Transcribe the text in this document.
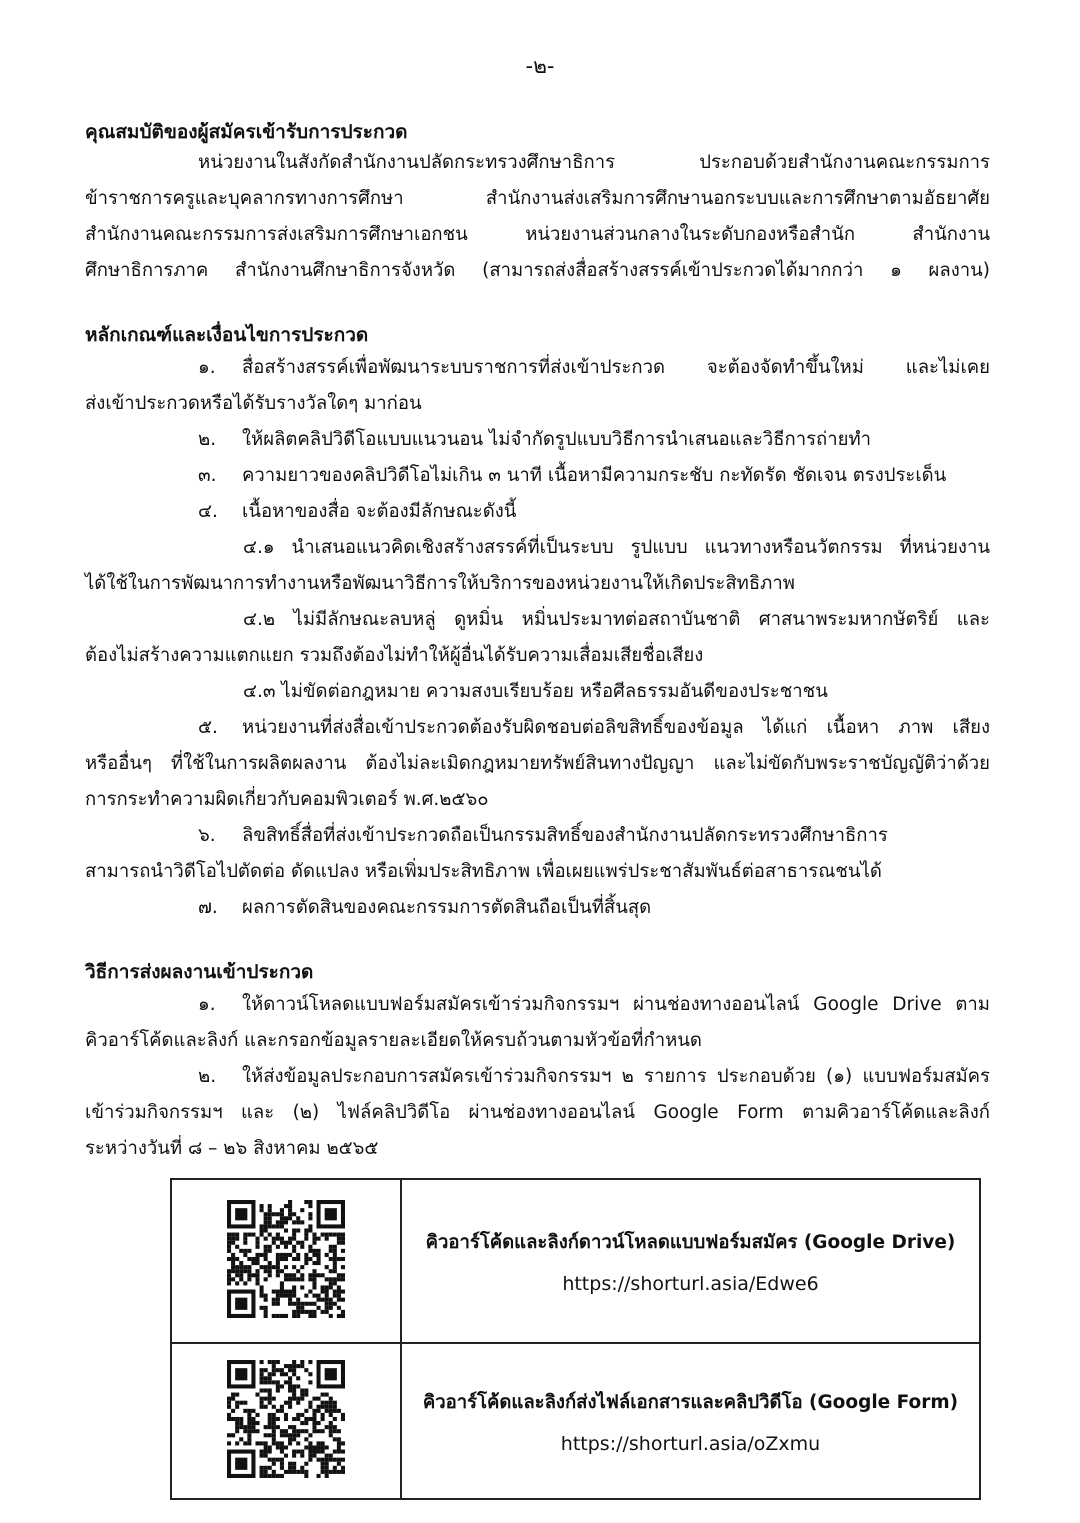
-๒-
คุณสมบัติของผู้สมัครเข้ารับการประกวด
หน่วยงานในสังกัดสำนักงานปลัดกระทรวงศึกษาธิการ ประกอบด้วยสำนักงานคณะกรรมการ
ข้าราชการครูและบุคลากรทางการศึกษา สำนักงานส่งเสริมการศึกษานอกระบบและการศึกษาตามอัธยาศัย
สำนักงานคณะกรรมการส่งเสริมการศึกษาเอกชน หน่วยงานส่วนกลางในระดับกองหรือสำนัก สำนักงาน
ศึกษาธิการภาค สำนักงานศึกษาธิการจังหวัด (สามารถส่งสื่อสร้างสรรค์เข้าประกวดได้มากกว่า ๑ ผลงาน)
หลักเกณฑ์และเงื่อนไขการประกวด
๑. สื่อสร้างสรรค์เพื่อพัฒนาระบบราชการที่ส่งเข้าประกวด จะต้องจัดทำขึ้นใหม่ และไม่เคย
ส่งเข้าประกวดหรือได้รับรางวัลใดๆ มาก่อน
๒. ให้ผลิตคลิปวิดีโอแบบแนวนอน ไม่จำกัดรูปแบบวิธีการนำเสนอและวิธีการถ่ายทำ
๓. ความยาวของคลิปวิดีโอไม่เกิน ๓ นาที เนื้อหามีความกระชับ กะทัดรัด ชัดเจน ตรงประเด็น
๔. เนื้อหาของสื่อ จะต้องมีลักษณะดังนี้
๔.๑ นำเสนอแนวคิดเชิงสร้างสรรค์ที่เป็นระบบ รูปแบบ แนวทางหรือนวัตกรรม ที่หน่วยงาน
ได้ใช้ในการพัฒนาการทำงานหรือพัฒนาวิธีการให้บริการของหน่วยงานให้เกิดประสิทธิภาพ
๔.๒ ไม่มีลักษณะลบหลู่ ดูหมิ่น หมิ่นประมาทต่อสถาบันชาติ ศาสนาพระมหากษัตริย์ และ
ต้องไม่สร้างความแตกแยก รวมถึงต้องไม่ทำให้ผู้อื่นได้รับความเสื่อมเสียชื่อเสียง
๔.๓ ไม่ขัดต่อกฎหมาย ความสงบเรียบร้อย หรือศีลธรรมอันดีของประชาชน
๕. หน่วยงานที่ส่งสื่อเข้าประกวดต้องรับผิดชอบต่อลิขสิทธิ์ของข้อมูล ได้แก่ เนื้อหา ภาพ เสียง
หรืออื่นๆ ที่ใช้ในการผลิตผลงาน ต้องไม่ละเมิดกฎหมายทรัพย์สินทางปัญญา และไม่ขัดกับพระราชบัญญัติว่าด้วย
การกระทำความผิดเกี่ยวกับคอมพิวเตอร์ พ.ศ.๒๕๖๐
๖. ลิขสิทธิ์สื่อที่ส่งเข้าประกวดถือเป็นกรรมสิทธิ์ของสำนักงานปลัดกระทรวงศึกษาธิการ
สามารถนำวิดีโอไปตัดต่อ ดัดแปลง หรือเพิ่มประสิทธิภาพ เพื่อเผยแพร่ประชาสัมพันธ์ต่อสาธารณชนได้
๗. ผลการตัดสินของคณะกรรมการตัดสินถือเป็นที่สิ้นสุด
วิธีการส่งผลงานเข้าประกวด
๑. ให้ดาวน์โหลดแบบฟอร์มสมัครเข้าร่วมกิจกรรมฯ ผ่านช่องทางออนไลน์ Google Drive ตาม
คิวอาร์โค้ดและลิงก์ และกรอกข้อมูลรายละเอียดให้ครบถ้วนตามหัวข้อที่กำหนด
๒. ให้ส่งข้อมูลประกอบการสมัครเข้าร่วมกิจกรรมฯ ๒ รายการ ประกอบด้วย (๑) แบบฟอร์มสมัคร
เข้าร่วมกิจกรรมฯ และ (๒) ไฟล์คลิปวิดีโอ ผ่านช่องทางออนไลน์ Google Form ตามคิวอาร์โค้ดและลิงก์
ระหว่างวันที่ ๘ – ๒๖ สิงหาคม ๒๕๖๕

คิวอาร์โค้ดและลิงก์ดาวน์โหลดแบบฟอร์มสมัคร (Google Drive)
https://shorturl.asia/Edwe6

คิวอาร์โค้ดและลิงก์ส่งไฟล์เอกสารและคลิปวิดีโอ (Google Form)
https://shorturl.asia/oZxmu
